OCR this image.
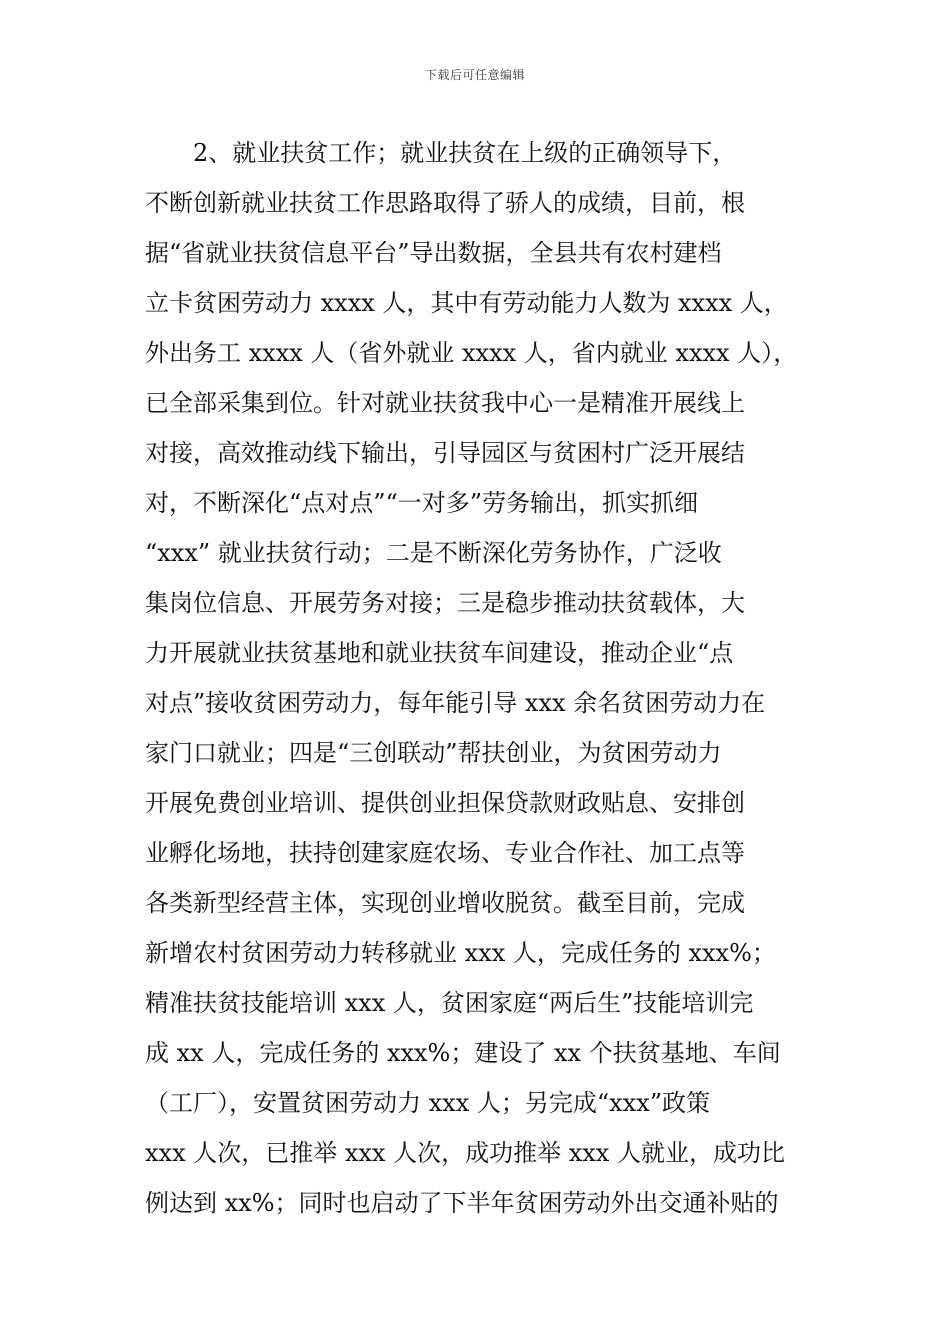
下载后可任意编辑
　　2、就业扶贫工作；就业扶贫在上级的正确领导下，
不断创新就业扶贫工作思路取得了骄人的成绩，目前，根
据“省就业扶贫信息平台”导出数据，全县共有农村建档
立卡贫困劳动力 xxxx 人，其中有劳动能力人数为 xxxx 人，
外出务工 xxxx 人（省外就业 xxxx 人，省内就业 xxxx 人），
已全部采集到位。针对就业扶贫我中心一是精准开展线上
对接，高效推动线下输出，引导园区与贫困村广泛开展结
对，不断深化“点对点”“一对多”劳务输出，抓实抓细
“xxx” 就业扶贫行动；二是不断深化劳务协作，广泛收
集岗位信息、开展劳务对接；三是稳步推动扶贫载体，大
力开展就业扶贫基地和就业扶贫车间建设，推动企业“点
对点”接收贫困劳动力，每年能引导 xxx 余名贫困劳动力在
家门口就业；四是“三创联动”帮扶创业，为贫困劳动力
开展免费创业培训、提供创业担保贷款财政贴息、安排创
业孵化场地，扶持创建家庭农场、专业合作社、加工点等
各类新型经营主体，实现创业增收脱贫。截至目前，完成
新增农村贫困劳动力转移就业 xxx 人，完成任务的 xxx%；
精准扶贫技能培训 xxx 人，贫困家庭“两后生”技能培训完
成 xx 人，完成任务的 xxx%；建设了 xx 个扶贫基地、车间
（工厂），安置贫困劳动力 xxx 人；另完成“xxx”政策
xxx 人次，已推举 xxx 人次，成功推举 xxx 人就业，成功比
例达到 xx%；同时也启动了下半年贫困劳动外出交通补贴的
